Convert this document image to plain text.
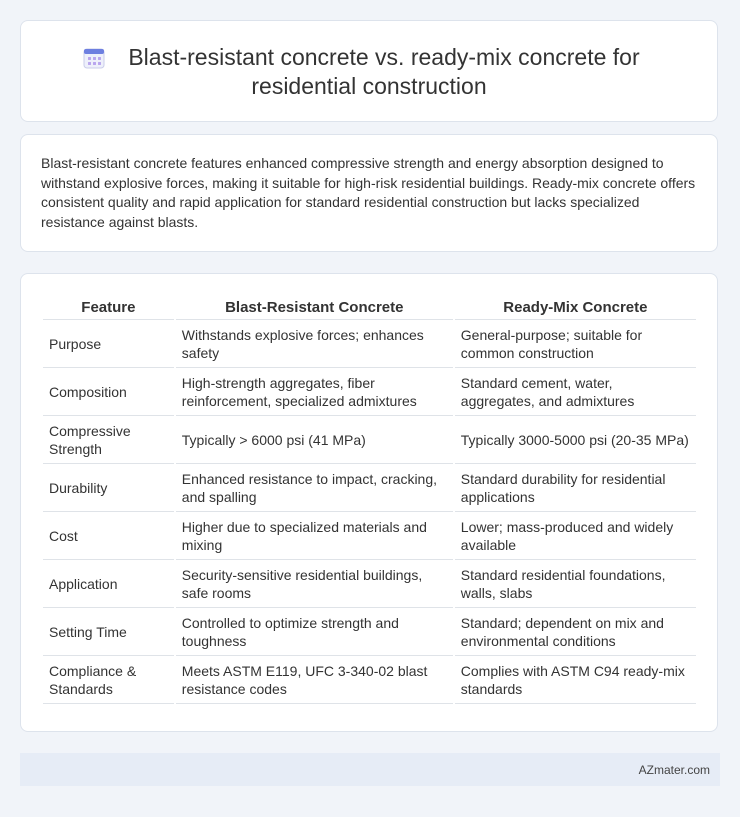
Blast-resistant concrete vs. ready-mix concrete for
residential construction
Blast-resistant concrete features enhanced compressive strength and energy absorption designed to withstand explosive forces, making it suitable for high-risk residential buildings. Ready-mix concrete offers consistent quality and rapid application for standard residential construction but lacks specialized resistance against blasts.
Feature	Blast-Resistant Concrete	Ready-Mix Concrete
Purpose	Withstands explosive forces; enhances safety	General-purpose; suitable for common construction
Composition	High-strength aggregates, fiber reinforcement, specialized admixtures	Standard cement, water, aggregates, and admixtures
Compressive Strength	Typically > 6000 psi (41 MPa)	Typically 3000-5000 psi (20-35 MPa)
Durability	Enhanced resistance to impact, cracking, and spalling	Standard durability for residential applications
Cost	Higher due to specialized materials and mixing	Lower; mass-produced and widely available
Application	Security-sensitive residential buildings, safe rooms	Standard residential foundations, walls, slabs
Setting Time	Controlled to optimize strength and toughness	Standard; dependent on mix and environmental conditions
Compliance & Standards	Meets ASTM E119, UFC 3-340-02 blast resistance codes	Complies with ASTM C94 ready-mix standards
AZmater.com
